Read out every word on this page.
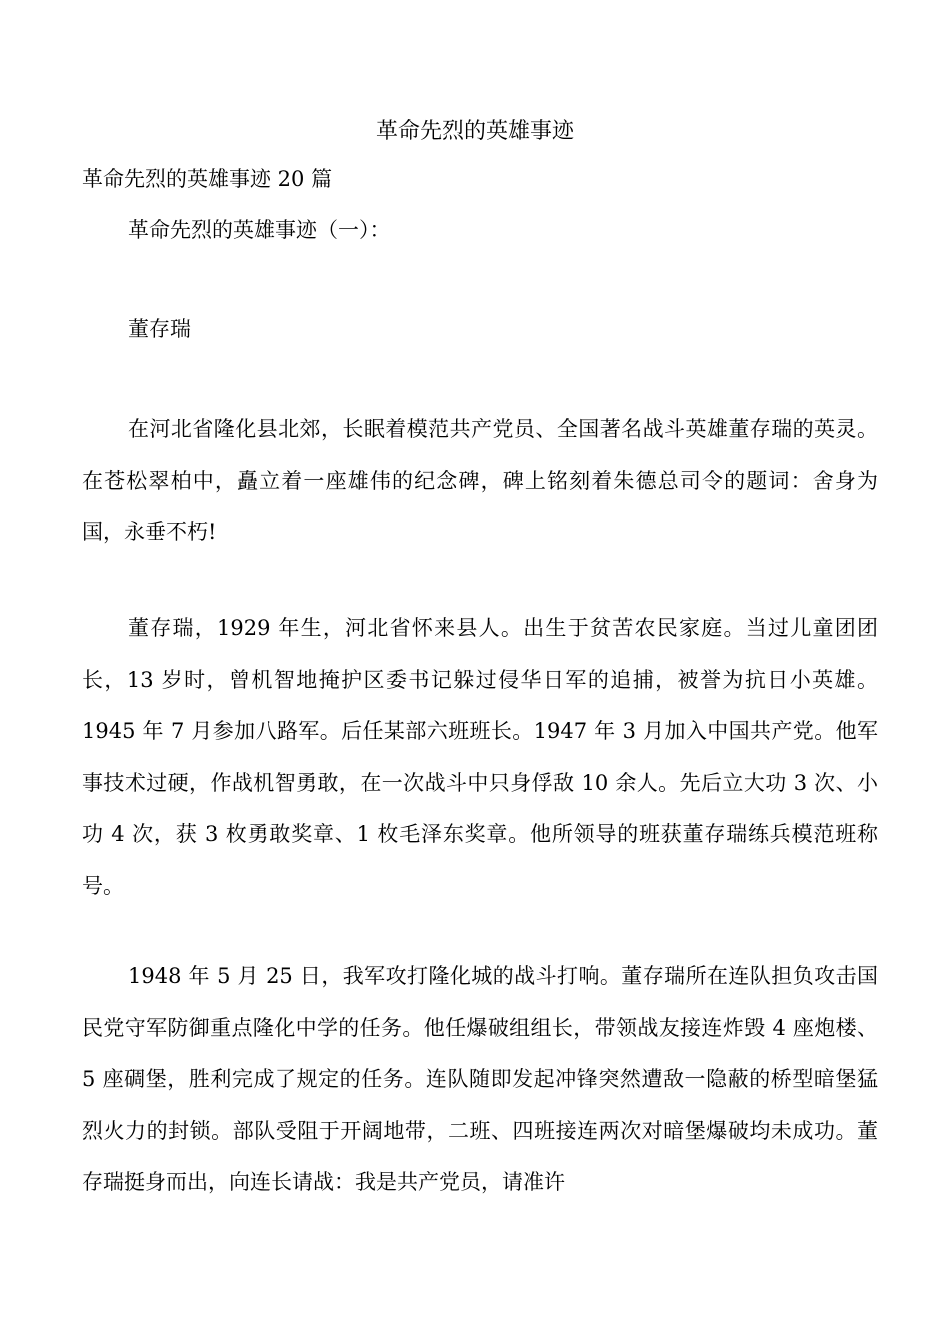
革命先烈的英雄事迹
革命先烈的英雄事迹 20 篇
革命先烈的英雄事迹（一）：
董存瑞

在河北省隆化县北郊，长眠着模范共产党员、全国著名战斗英雄董存瑞的英灵。在苍松翠柏中，矗立着一座雄伟的纪念碑，碑上铭刻着朱德总司令的题词：舍身为国，永垂不朽!

董存瑞，1929 年生，河北省怀来县人。出生于贫苦农民家庭。当过儿童团团长，13 岁时，曾机智地掩护区委书记躲过侵华日军的追捕，被誉为抗日小英雄。1945 年 7 月参加八路军。后任某部六班班长。1947 年 3 月加入中国共产党。他军事技术过硬，作战机智勇敢，在一次战斗中只身俘敌 10 余人。先后立大功 3 次、小功 4 次，获 3 枚勇敢奖章、1 枚毛泽东奖章。他所领导的班获董存瑞练兵模范班称号。

1948 年 5 月 25 日，我军攻打隆化城的战斗打响。董存瑞所在连队担负攻击国民党守军防御重点隆化中学的任务。他任爆破组组长，带领战友接连炸毁 4 座炮楼、5 座碉堡，胜利完成了规定的任务。连队随即发起冲锋突然遭敌一隐蔽的桥型暗堡猛烈火力的封锁。部队受阻于开阔地带，二班、四班接连两次对暗堡爆破均未成功。董存瑞挺身而出，向连长请战：我是共产党员，请准许
